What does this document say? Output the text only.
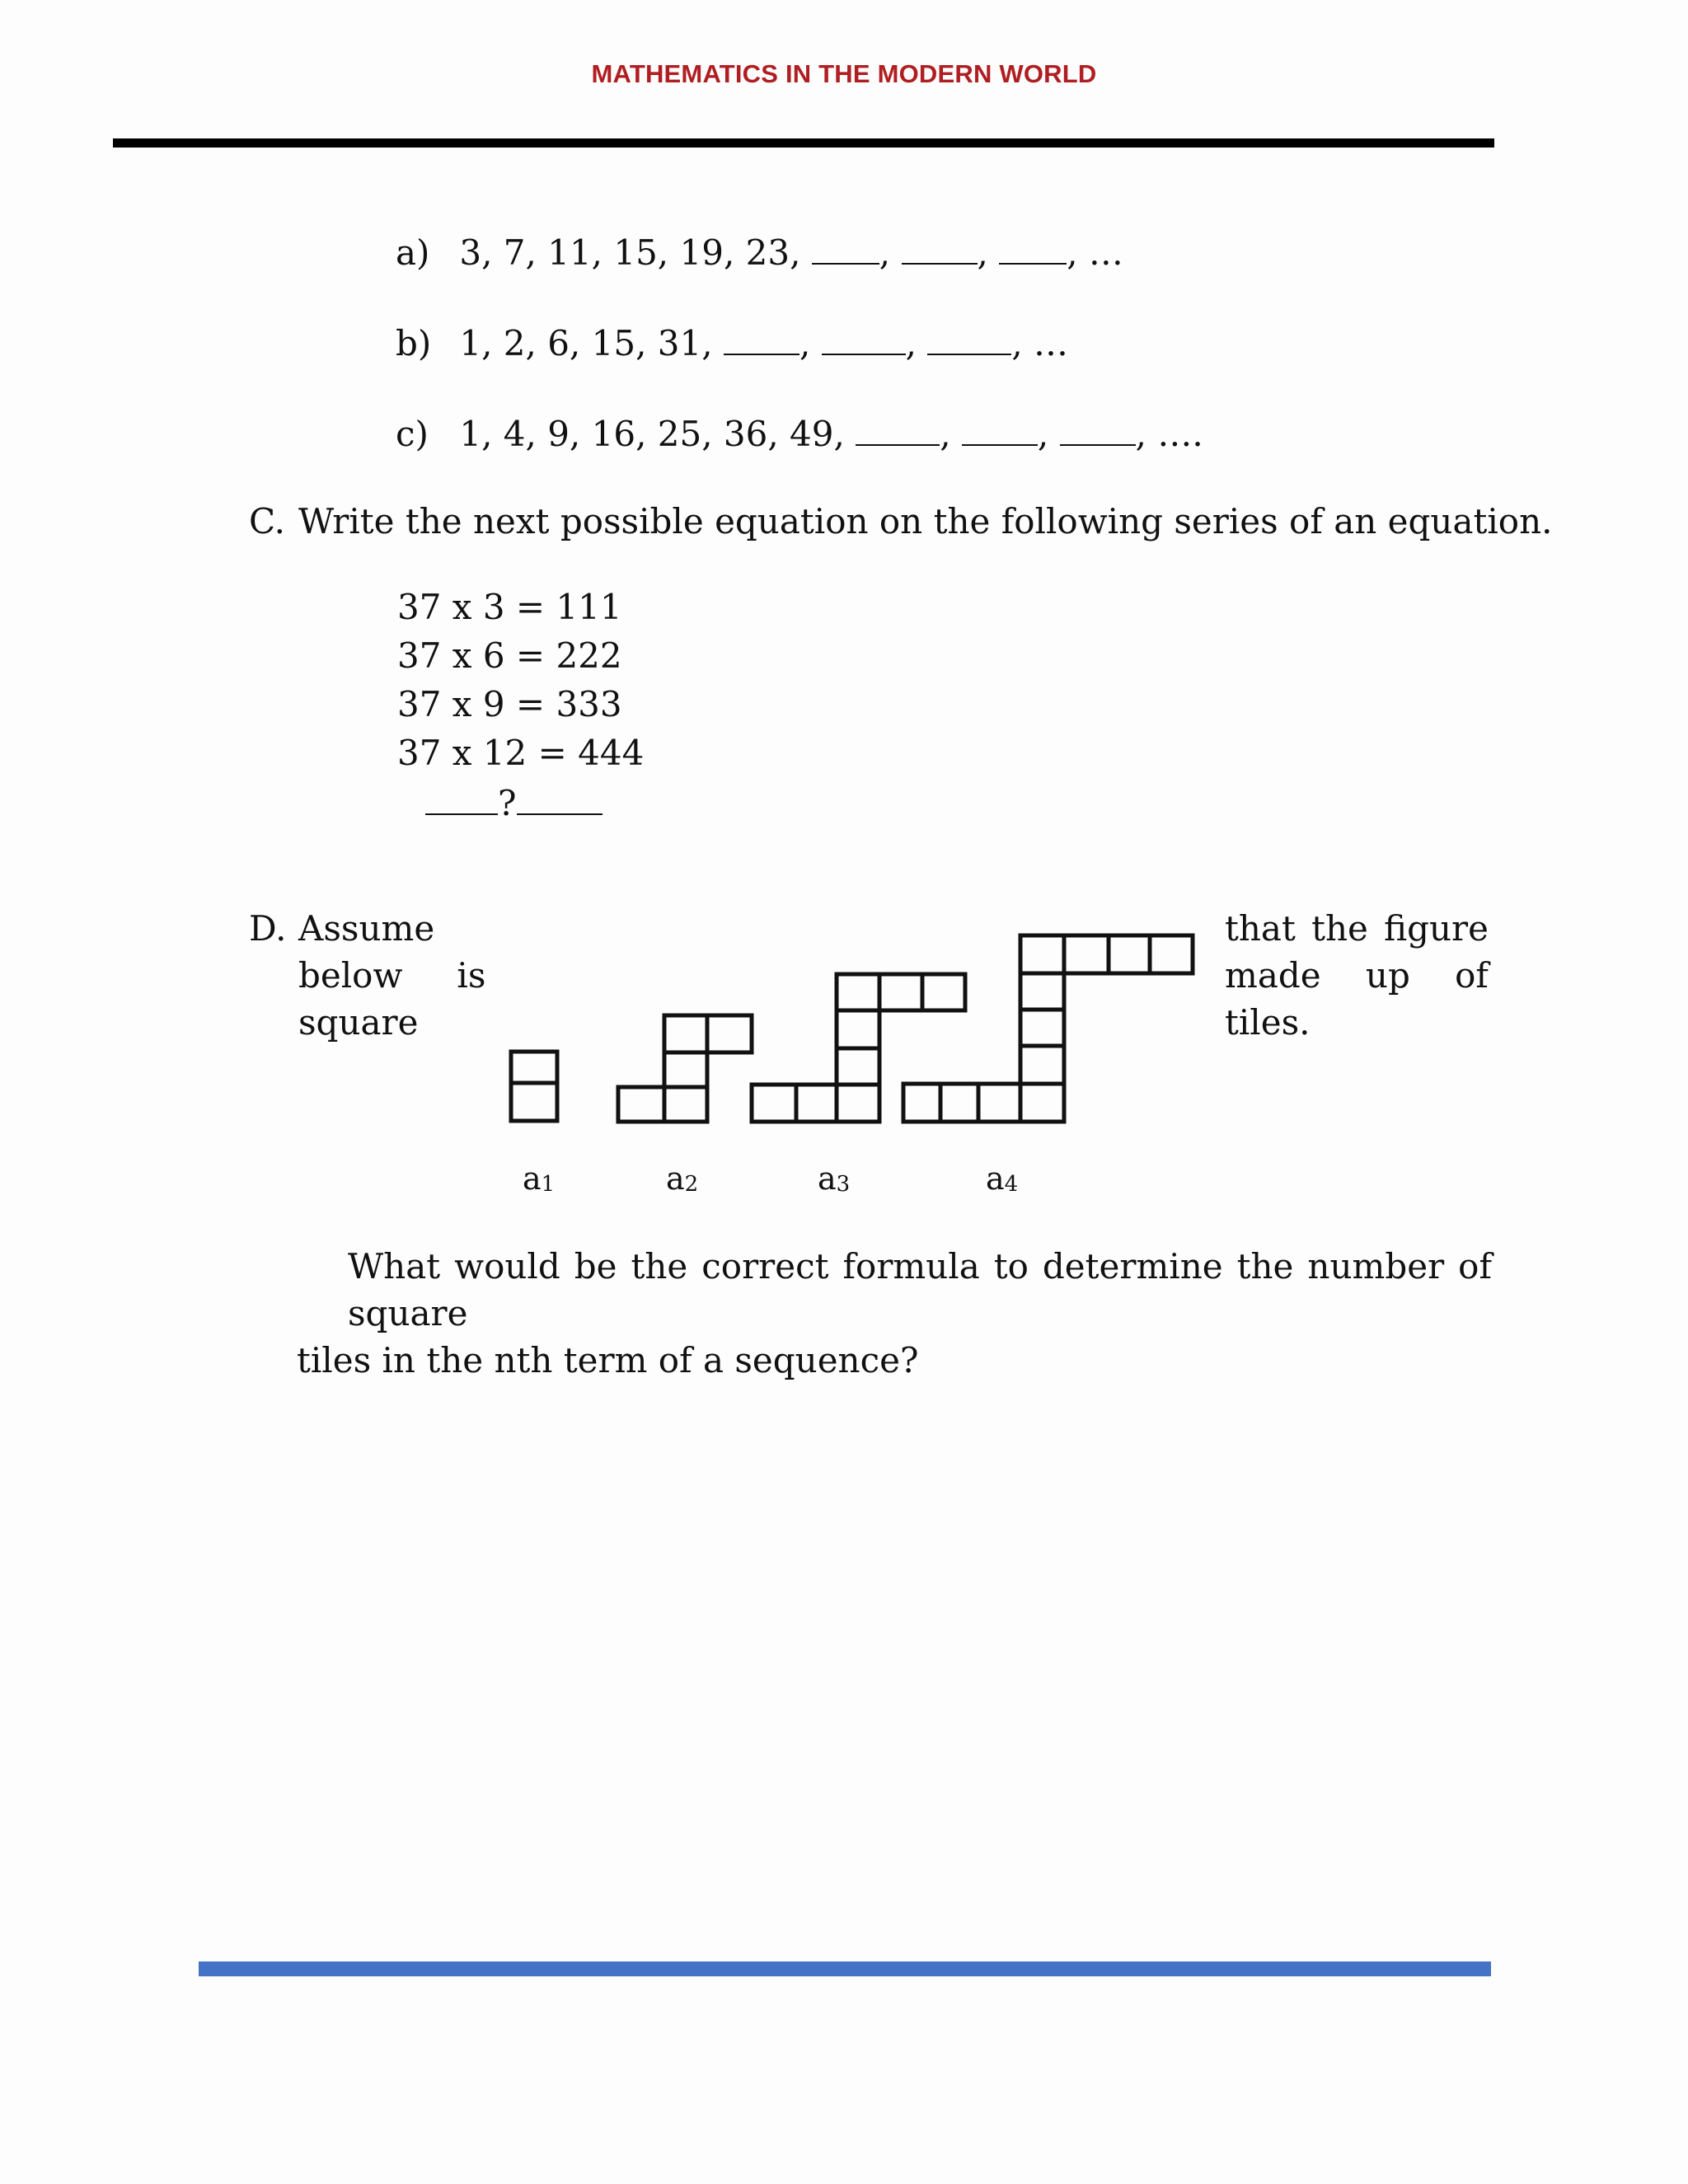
MATHEMATICS IN THE MODERN WORLD
a) 3, 7, 11, 15, 19, 23, , , , …
b) 1, 2, 6, 15, 31,	, , , …
c) 1, 4, 9, 16, 25, 36, 49,	, , , ….
C. Write the next possible equation on the following series of an equation.
37 x 3 = 111
37 x 6 = 222
37 x 9 = 333
37 x 12 = 444
?
D. Assume
below is
square
that the figure
made up of
tiles.
$a_1$	$a_2$	$a_3$	$a_4$
What would be the correct formula to determine the number of square
tiles in the nth term of a sequence?
